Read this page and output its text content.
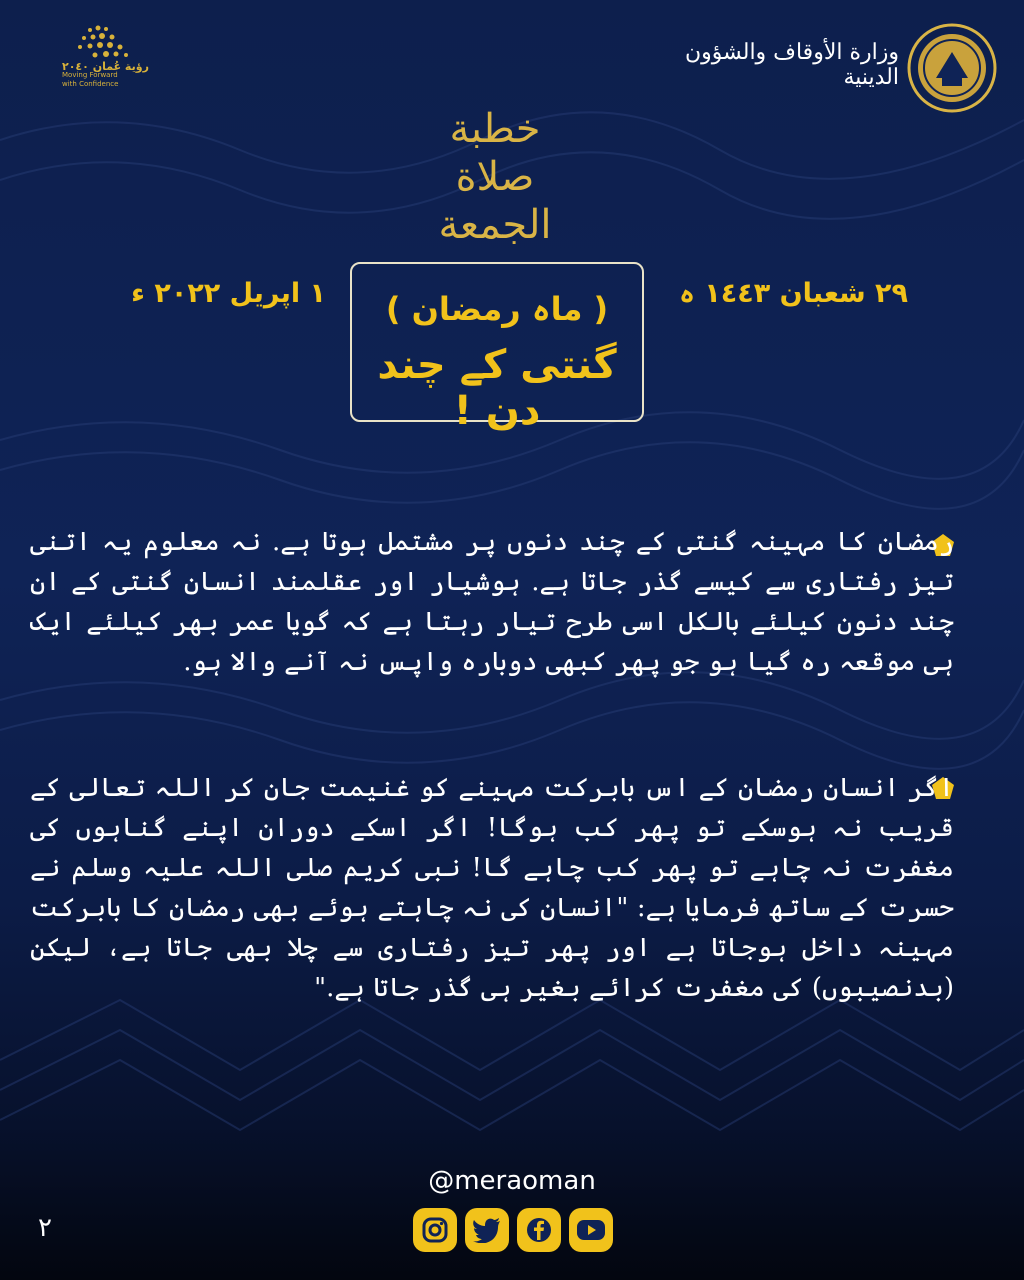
رؤية عُمان ٢٠٤٠
Moving Forward
with Confidence
وزارة الأوقاف والشؤون الدينية
خطبة
صلاة
الجمعة
٢٩ شعبان ١٤٤٣ ہ
١ اپریل ٢٠٢٢ ء	( ماہ رمضان )
گنتی کے چند دن !
رمضان کا مہینہ گنتی کے چند دنوں پر مشتمل ہوتا ہے. نہ معلوم یہ اتنی تیز رفتاری سے کیسے گذر جاتا ہے. ہوشیار اور عقلمند انسان گنتی کے ان چند دنون کیلئے بالکل اسی طرح تیار رہتا ہے کہ گویا عمر بھر کیلئے ایک ہی موقعہ رہ گیا ہو جو پھر کبھی دوبارہ واپس نہ آنے والا ہو.
اگر انسان رمضان کے اس بابرکت مہینے کو غنیمت جان کر اللہ تعالی کے قریب نہ ہوسکے تو پھر کب ہوگا! اگر اسکے دوران اپنے گناہوں کی مغفرت نہ چاہے تو پھر کب چاہے گا! نبی کریم صلی اللہ علیہ وسلم نے حسرت کے ساتھ فرمایا ہے: "انسان کی نہ چاہتے ہوئے بھی رمضان کا بابرکت مہینہ داخل ہوجاتا ہے اور پھر تیز رفتاری سے چلا بھی جاتا ہے، لیکن (بدنصیبوں) کی مغفرت کرائے بغیر ہی گذر جاتا ہے."
@meraoman
٢
